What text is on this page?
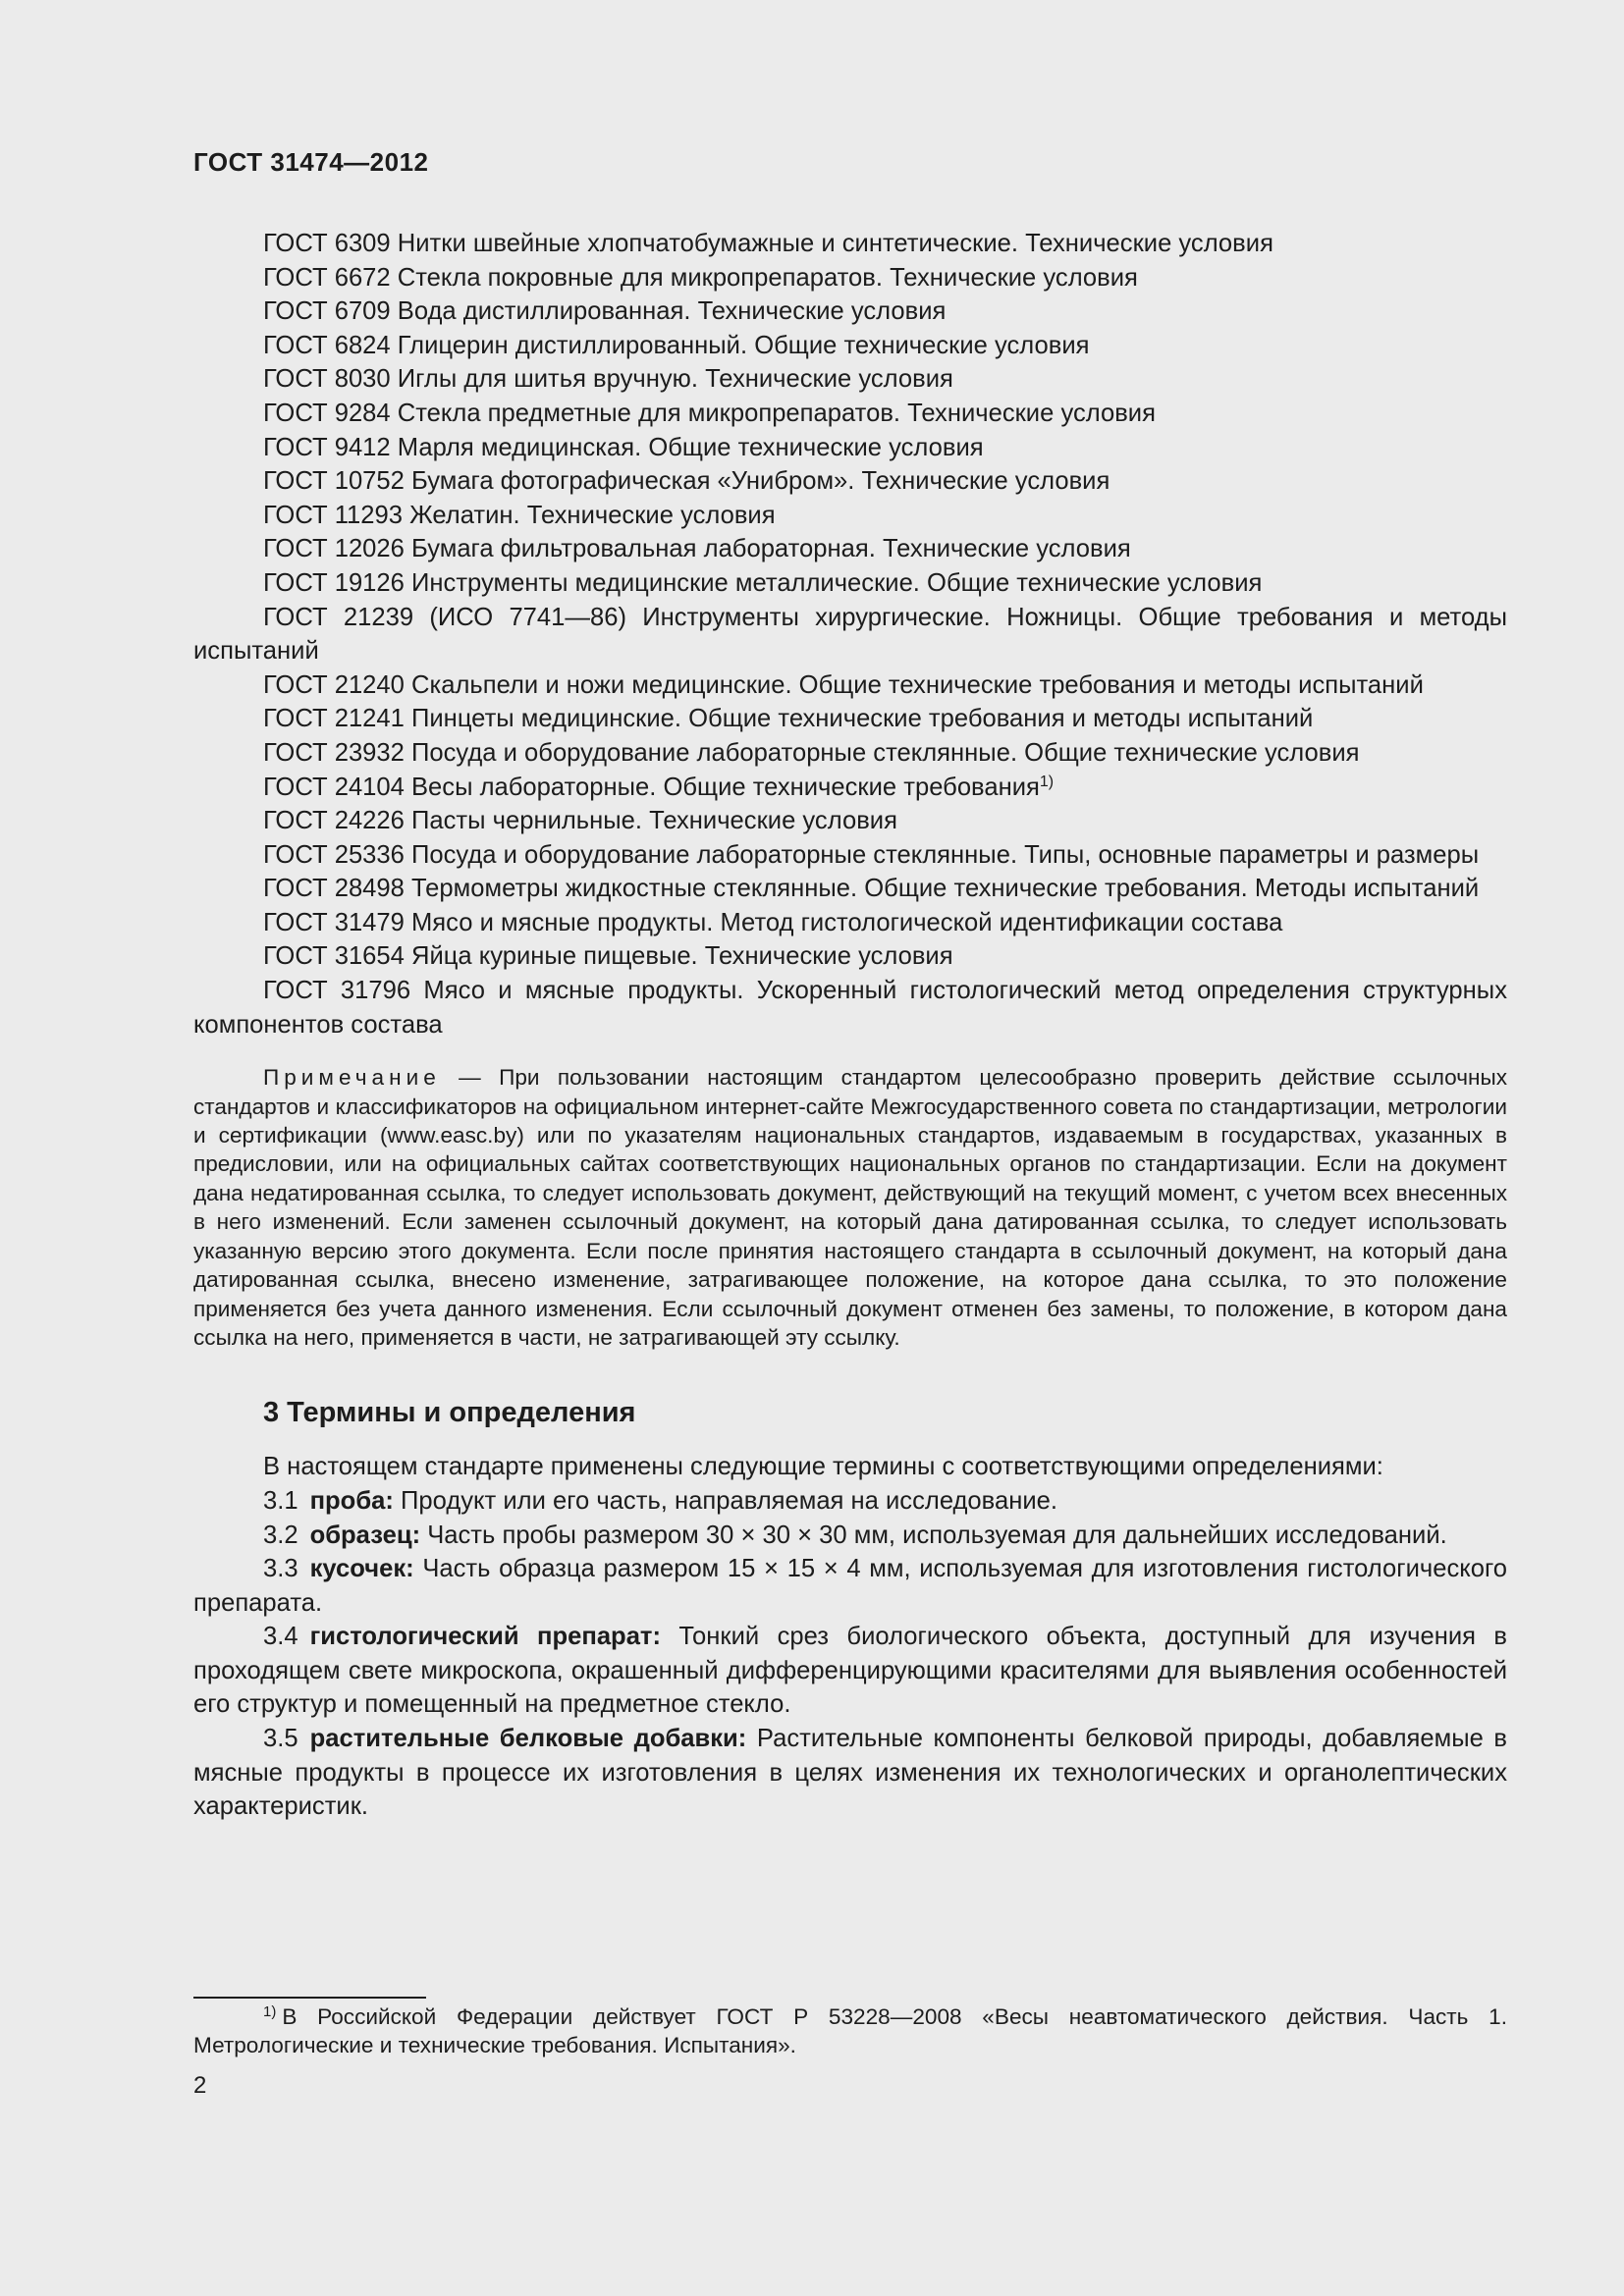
ГОСТ 31474—2012
ГОСТ 6309 Нитки швейные хлопчатобумажные и синтетические. Технические условия
ГОСТ 6672 Стекла покровные для микропрепаратов. Технические условия
ГОСТ 6709 Вода дистиллированная. Технические условия
ГОСТ 6824 Глицерин дистиллированный. Общие технические условия
ГОСТ 8030 Иглы для шитья вручную. Технические условия
ГОСТ 9284 Стекла предметные для микропрепаратов. Технические условия
ГОСТ 9412 Марля медицинская. Общие технические условия
ГОСТ 10752 Бумага фотографическая «Унибром». Технические условия
ГОСТ 11293 Желатин. Технические условия
ГОСТ 12026 Бумага фильтровальная лабораторная. Технические условия
ГОСТ 19126 Инструменты медицинские металлические. Общие технические условия
ГОСТ 21239 (ИСО 7741—86) Инструменты хирургические. Ножницы. Общие требования и методы испытаний
ГОСТ 21240 Скальпели и ножи медицинские. Общие технические требования и методы испытаний
ГОСТ 21241 Пинцеты медицинские. Общие технические требования и методы испытаний
ГОСТ 23932 Посуда и оборудование лабораторные стеклянные. Общие технические условия
ГОСТ 24104 Весы лабораторные. Общие технические требования$^{1)}$
ГОСТ 24226 Пасты чернильные. Технические условия
ГОСТ 25336 Посуда и оборудование лабораторные стеклянные. Типы, основные параметры и размеры
ГОСТ 28498 Термометры жидкостные стеклянные. Общие технические требования. Методы испытаний
ГОСТ 31479 Мясо и мясные продукты. Метод гистологической идентификации состава
ГОСТ 31654 Яйца куриные пищевые. Технические условия
ГОСТ 31796 Мясо и мясные продукты. Ускоренный гистологический метод определения структурных компонентов состава

Примечание — При пользовании настоящим стандартом целесообразно проверить действие ссылочных стандартов и классификаторов на официальном интернет-сайте Межгосударственного совета по стандартизации, метрологии и сертификации (www.easc.by) или по указателям национальных стандартов, издаваемым в государствах, указанных в предисловии, или на официальных сайтах соответствующих национальных органов по стандартизации. Если на документ дана недатированная ссылка, то следует использовать документ, действующий на текущий момент, с учетом всех внесенных в него изменений. Если заменен ссылочный документ, на который дана датированная ссылка, то следует использовать указанную версию этого документа. Если после принятия настоящего стандарта в ссылочный документ, на который дана датированная ссылка, внесено изменение, затрагивающее положение, на которое дана ссылка, то это положение применяется без учета данного изменения. Если ссылочный документ отменен без замены, то положение, в котором дана ссылка на него, применяется в части, не затрагивающей эту ссылку.

3 Термины и определения

В настоящем стандарте применены следующие термины с соответствующими определениями:

3.1 проба: Продукт или его часть, направляемая на исследование.

3.2 образец: Часть пробы размером 30 × 30 × 30 мм, используемая для дальнейших исследований.

3.3 кусочек: Часть образца размером 15 × 15 × 4 мм, используемая для изготовления гистологического препарата.

3.4 гистологический препарат: Тонкий срез биологического объекта, доступный для изучения в проходящем свете микроскопа, окрашенный дифференцирующими красителями для выявления особенностей его структур и помещенный на предметное стекло.

3.5 растительные белковые добавки: Растительные компоненты белковой природы, добавляемые в мясные продукты в процессе их изготовления в целях изменения их технологических и органолептических характеристик.

$^{1)}$ В Российской Федерации действует ГОСТ Р 53228—2008 «Весы неавтоматического действия. Часть 1. Метрологические и технические требования. Испытания».

2
